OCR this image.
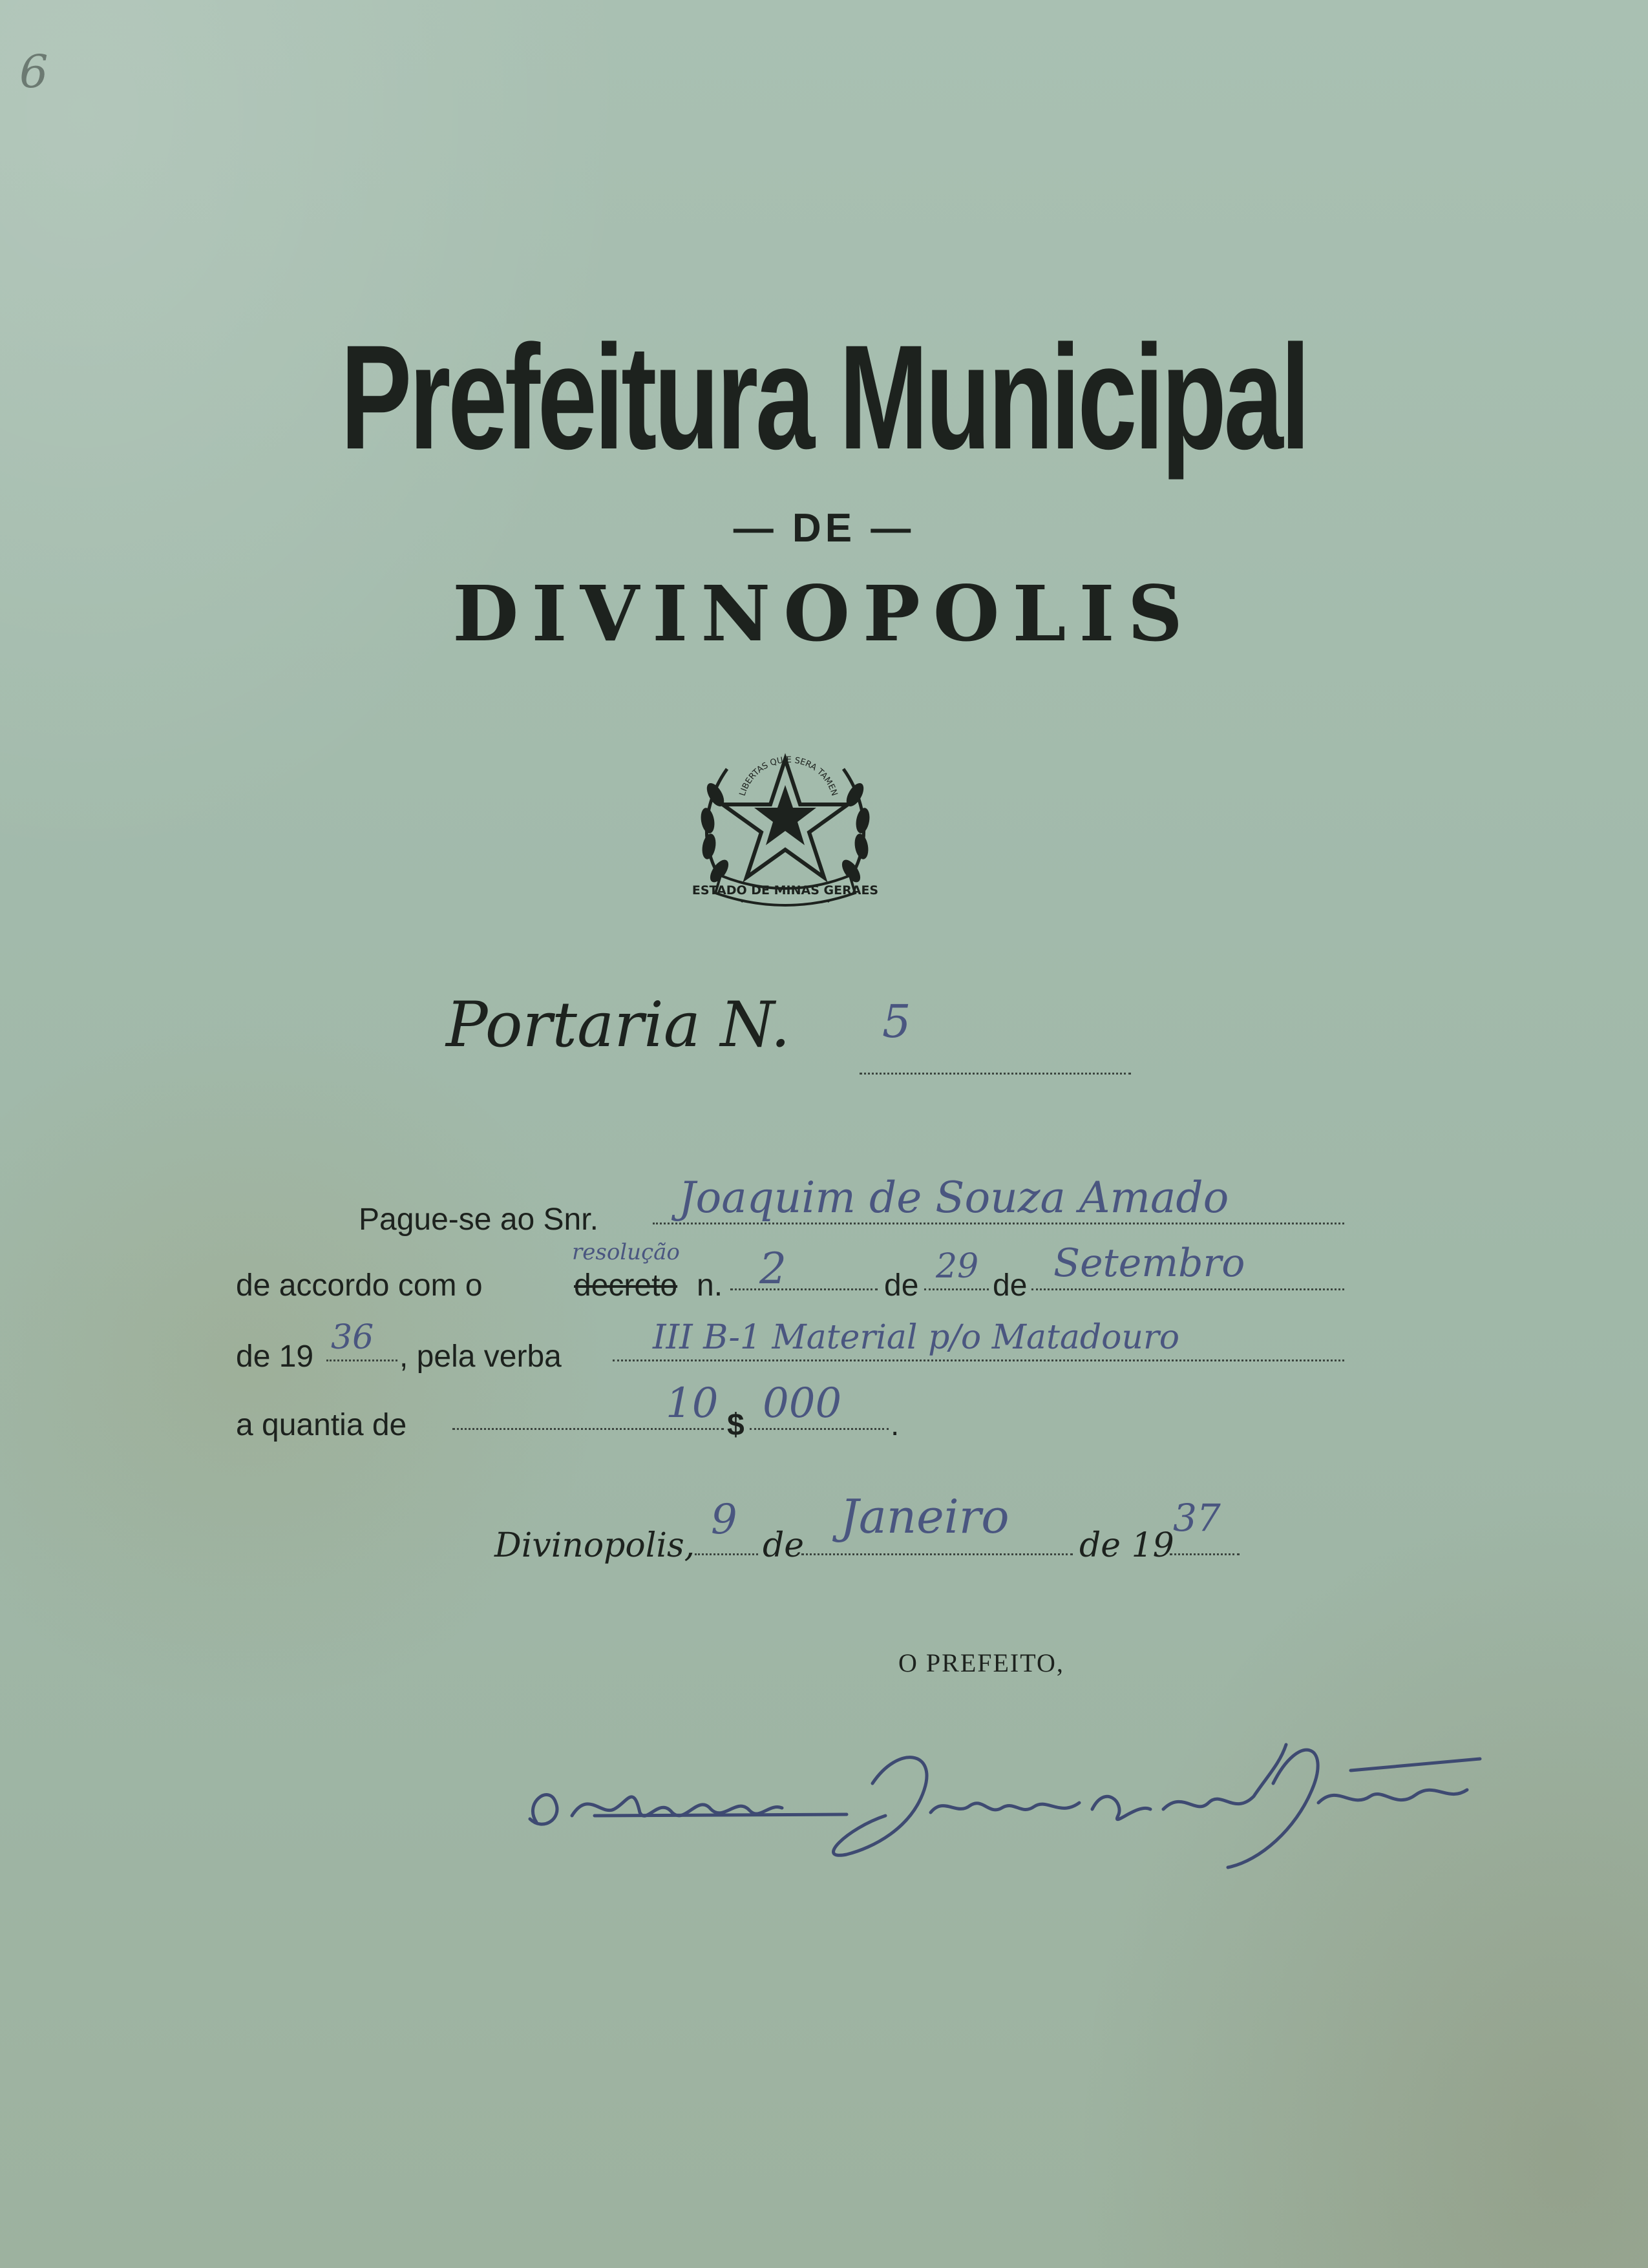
6
Prefeitura Municipal
— DE —
DIVINOPOLIS
ESTADO DE MINAS GERAES
LIBERTAS QUÆ SERA TAMEN
Portaria N. 5
Pague-se ao Snr. Joaquim de Souza Amado
de accordo com o	decreto
resolução
n. 2	de 29 de Setembro
de 19 36 , pela verba	III B-1 Material p/o Matadouro
a quantia de	10 $ 000 .
Divinopolis,
9
de
Janeiro
de 19
37
O PREFEITO,
